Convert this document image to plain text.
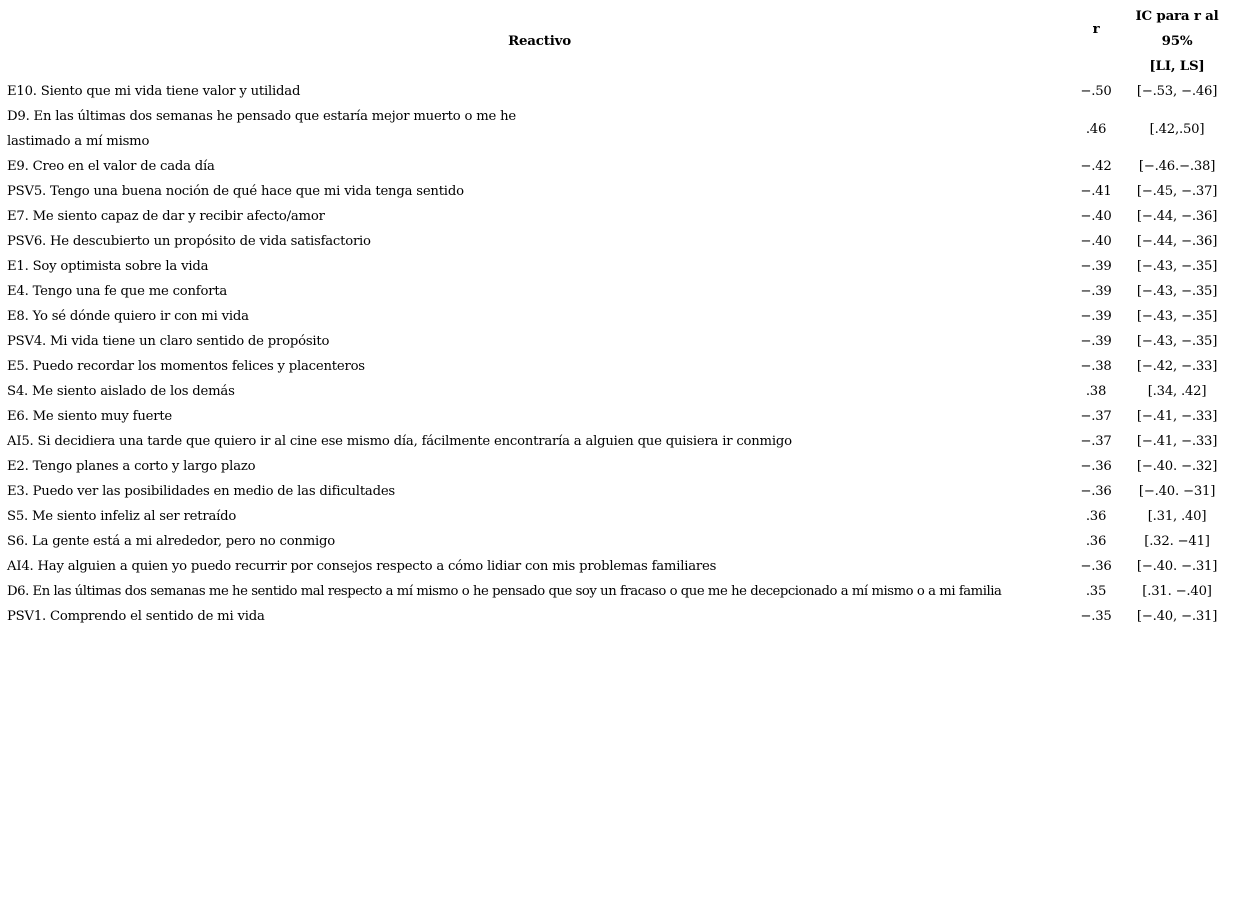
Reactivo	r	IC para r al 95%
		[LI, LS]
E10. Siento que mi vida tiene valor y utilidad	−.50	[−.53, −.46]

D9. En las últimas dos semanas he pensado que estaría mejor muerto o me he
lastimado a mí mismo	.46	[.42,.50]
E9. Creo en el valor de cada día	−.42	[−.46.−.38]
PSV5. Tengo una buena noción de qué hace que mi vida tenga sentido	−.41	[−.45, −.37]
E7. Me siento capaz de dar y recibir afecto/amor	−.40	[−.44, −.36]
PSV6. He descubierto un propósito de vida satisfactorio	−.40	[−.44, −.36]
E1. Soy optimista sobre la vida	−.39	[−.43, −.35]
E4. Tengo una fe que me conforta	−.39	[−.43, −.35]
E8. Yo sé dónde quiero ir con mi vida	−.39	[−.43, −.35]
PSV4. Mi vida tiene un claro sentido de propósito	−.39	[−.43, −.35]
E5. Puedo recordar los momentos felices y placenteros	−.38	[−.42, −.33]
S4. Me siento aislado de los demás	.38	[.34, .42]
E6. Me siento muy fuerte	−.37	[−.41, −.33]
AI5. Si decidiera una tarde que quiero ir al cine ese mismo día, fácilmente encontraría a alguien que quisiera ir conmigo	−.37	[−.41, −.33]
E2. Tengo planes a corto y largo plazo	−.36	[−.40. −.32]
E3. Puedo ver las posibilidades en medio de las dificultades	−.36	[−.40. −31]
S5. Me siento infeliz al ser retraído	.36	[.31, .40]
S6. La gente está a mi alrededor, pero no conmigo	.36	[.32. −41]
AI4. Hay alguien a quien yo puedo recurrir por consejos respecto a cómo lidiar con mis problemas familiares	−.36	[−.40. −.31]
D6. En las últimas dos semanas me he sentido mal respecto a mí mismo o he pensado que soy un fracaso o que me he decepcionado a mí mismo o a mi familia	.35	[.31. −.40]
PSV1. Comprendo el sentido de mi vida	−.35	[−.40, −.31]
